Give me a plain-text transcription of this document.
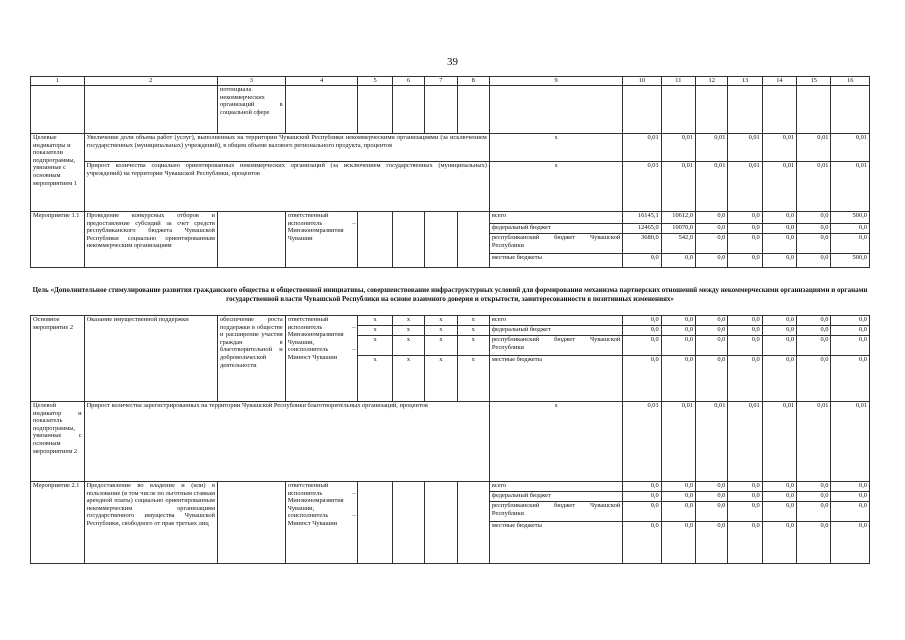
39
1	2	3	4	5	6	7	8	9	10	11	12	13	14	15	16
		потенциала некоммерческих организаций в социальной сфере													
Целевые индикаторы и показатели подпрограммы, увязанные с основным мероприятием 1	Увеличение доли объема работ (услуг), выполненных на территории Чувашской Республики некоммерческими организациями (за исключением государственных (муниципальных) учреждений), в общем объеме валового регионального продукта, процентов							x	0,01	0,01	0,01	0,01	0,01	0,01	0,01
	Прирост количества социально ориентированных некоммерческих организаций (за исключением государственных (муниципальных) учреждений) на территории Чувашской Республики, процентов							x	0,01	0,01	0,01	0,01	0,01	0,01	0,01
Мероприятие 1.1	Проведение конкурсных отборов и предоставление субсидий за счет средств республиканского бюджета Чувашской Республики социально ориентированным некоммерческим организациям		ответственный исполнитель – Минэкономразвития Чувашии					всего	16145,1	10612,0	0,0	0,0	0,0	0,0	500,0
								федеральный бюджет	12465,0	10070,0	0,0	0,0	0,0	0,0	0,0
								республиканский бюджет Чувашской Республики	3680,0	542,0	0,0	0,0	0,0	0,0	0,0
								местные бюджеты	0,0	0,0	0,0	0,0	0,0	0,0	500,0
Цель «Дополнительное стимулирование развития гражданского общества и общественной инициативы, совершенствование инфраструктурных условий для формирования механизма партнерских отношений между некоммерческими организациями и органами государственной власти Чувашской Республики на основе взаимного доверия и открытости, заинтересованности в позитивных изменениях»
Основное мероприятие 2	Оказание имущественной поддержки	обеспечение роста поддержки в обществе и расширение участия граждан в благотворительной и добровольческой деятельности	ответственный исполнитель – Минэкономразвития Чувашии, соисполнитель – Минюст Чувашии	x	x	x	x	всего	0,0	0,0	0,0	0,0	0,0	0,0	0,0
				x	x	x	x	федеральный бюджет	0,0	0,0	0,0	0,0	0,0	0,0	0,0
				x	x	x	x	республиканский бюджет Чувашской Республики	0,0	0,0	0,0	0,0	0,0	0,0	0,0
				x	x	x	x	местные бюджеты	0,0	0,0	0,0	0,0	0,0	0,0	0,0
Целевой индикатор и показатель подпрограммы, увязанные с основным мероприятием 2	Прирост количества зарегистрированных на территории Чувашской Республики благотворительных организаций, процентов							x	0,01	0,01	0,01	0,01	0,01	0,01	0,01
Мероприятие 2.1	Предоставление во владение и (или) в пользование (в том числе по льготным ставкам арендной платы) социально ориентированным некоммерческим организациям государственного имущества Чувашской Республики, свободного от прав третьих лиц		ответственный исполнитель – Минэкономразвития Чувашии, соисполнитель – Минюст Чувашии					всего	0,0	0,0	0,0	0,0	0,0	0,0	0,0
								федеральный бюджет	0,0	0,0	0,0	0,0	0,0	0,0	0,0
								республиканский бюджет Чувашской Республики	0,0	0,0	0,0	0,0	0,0	0,0	0,0
								местные бюджеты	0,0	0,0	0,0	0,0	0,0	0,0	0,0
